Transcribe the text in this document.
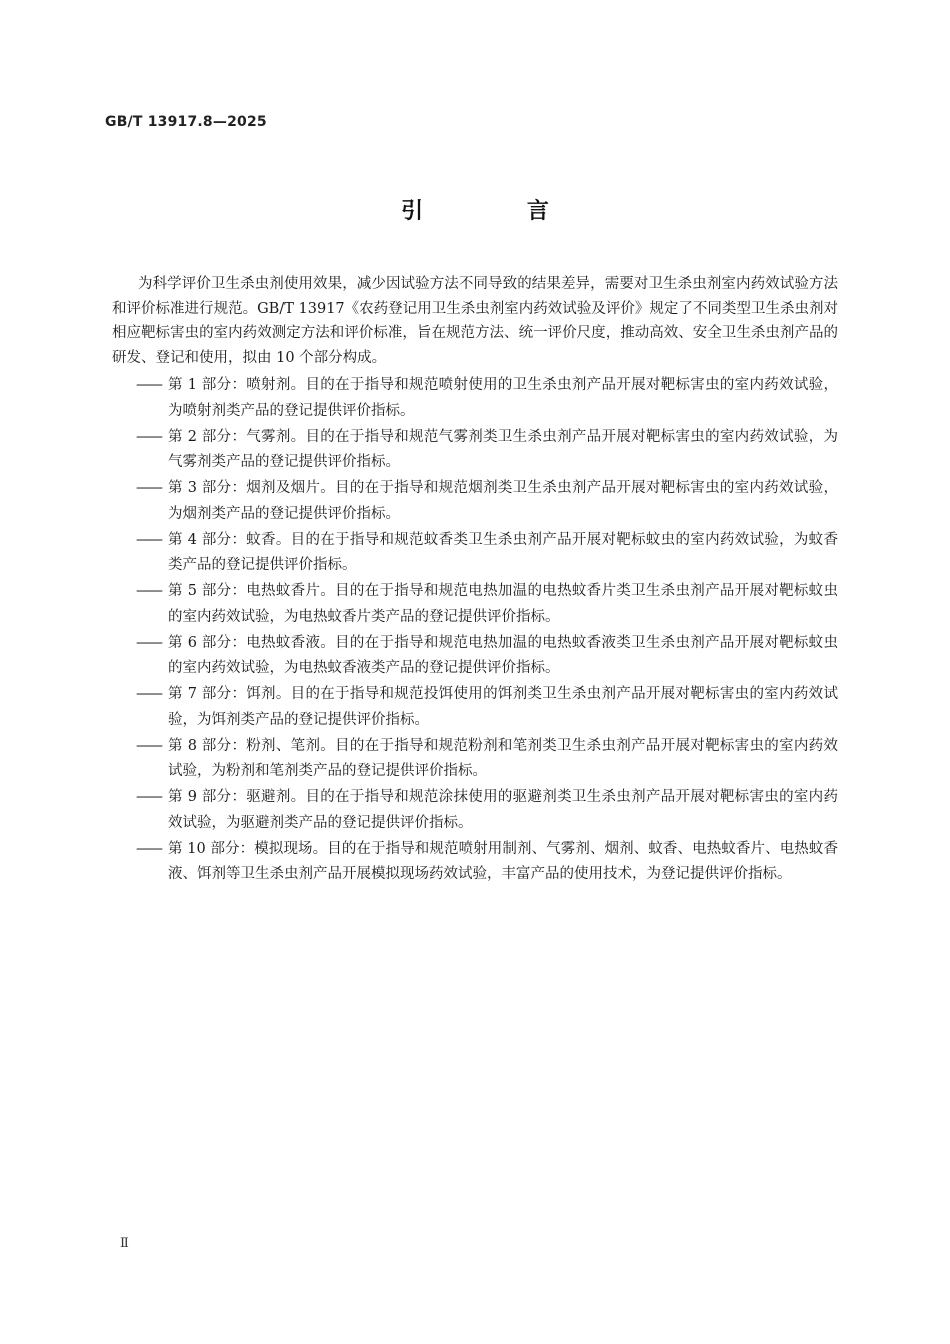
GB/T 13917.8—2025
引 言

为科学评价卫生杀虫剂使用效果，减少因试验方法不同导致的结果差异，需要对卫生杀虫剂室内药效试验方法和评价标准进行规范。GB/T 13917《农药登记用卫生杀虫剂室内药效试验及评价》规定了不同类型卫生杀虫剂对相应靶标害虫的室内药效测定方法和评价标准，旨在规范方法、统一评价尺度，推动高效、安全卫生杀虫剂产品的研发、登记和使用，拟由 10 个部分构成。

—— 第 1 部分：喷射剂。目的在于指导和规范喷射使用的卫生杀虫剂产品开展对靶标害虫的室内药效试验，为喷射剂类产品的登记提供评价指标。
—— 第 2 部分：气雾剂。目的在于指导和规范气雾剂类卫生杀虫剂产品开展对靶标害虫的室内药效试验，为气雾剂类产品的登记提供评价指标。
—— 第 3 部分：烟剂及烟片。目的在于指导和规范烟剂类卫生杀虫剂产品开展对靶标害虫的室内药效试验，为烟剂类产品的登记提供评价指标。
—— 第 4 部分：蚊香。目的在于指导和规范蚊香类卫生杀虫剂产品开展对靶标蚊虫的室内药效试验，为蚊香类产品的登记提供评价指标。
—— 第 5 部分：电热蚊香片。目的在于指导和规范电热加温的电热蚊香片类卫生杀虫剂产品开展对靶标蚊虫的室内药效试验，为电热蚊香片类产品的登记提供评价指标。
—— 第 6 部分：电热蚊香液。目的在于指导和规范电热加温的电热蚊香液类卫生杀虫剂产品开展对靶标蚊虫的室内药效试验，为电热蚊香液类产品的登记提供评价指标。
—— 第 7 部分：饵剂。目的在于指导和规范投饵使用的饵剂类卫生杀虫剂产品开展对靶标害虫的室内药效试验，为饵剂类产品的登记提供评价指标。
—— 第 8 部分：粉剂、笔剂。目的在于指导和规范粉剂和笔剂类卫生杀虫剂产品开展对靶标害虫的室内药效试验，为粉剂和笔剂类产品的登记提供评价指标。
—— 第 9 部分：驱避剂。目的在于指导和规范涂抹使用的驱避剂类卫生杀虫剂产品开展对靶标害虫的室内药效试验，为驱避剂类产品的登记提供评价指标。
—— 第 10 部分：模拟现场。目的在于指导和规范喷射用制剂、气雾剂、烟剂、蚊香、电热蚊香片、电热蚊香液、饵剂等卫生杀虫剂产品开展模拟现场药效试验，丰富产品的使用技术，为登记提供评价指标。
Ⅱ
